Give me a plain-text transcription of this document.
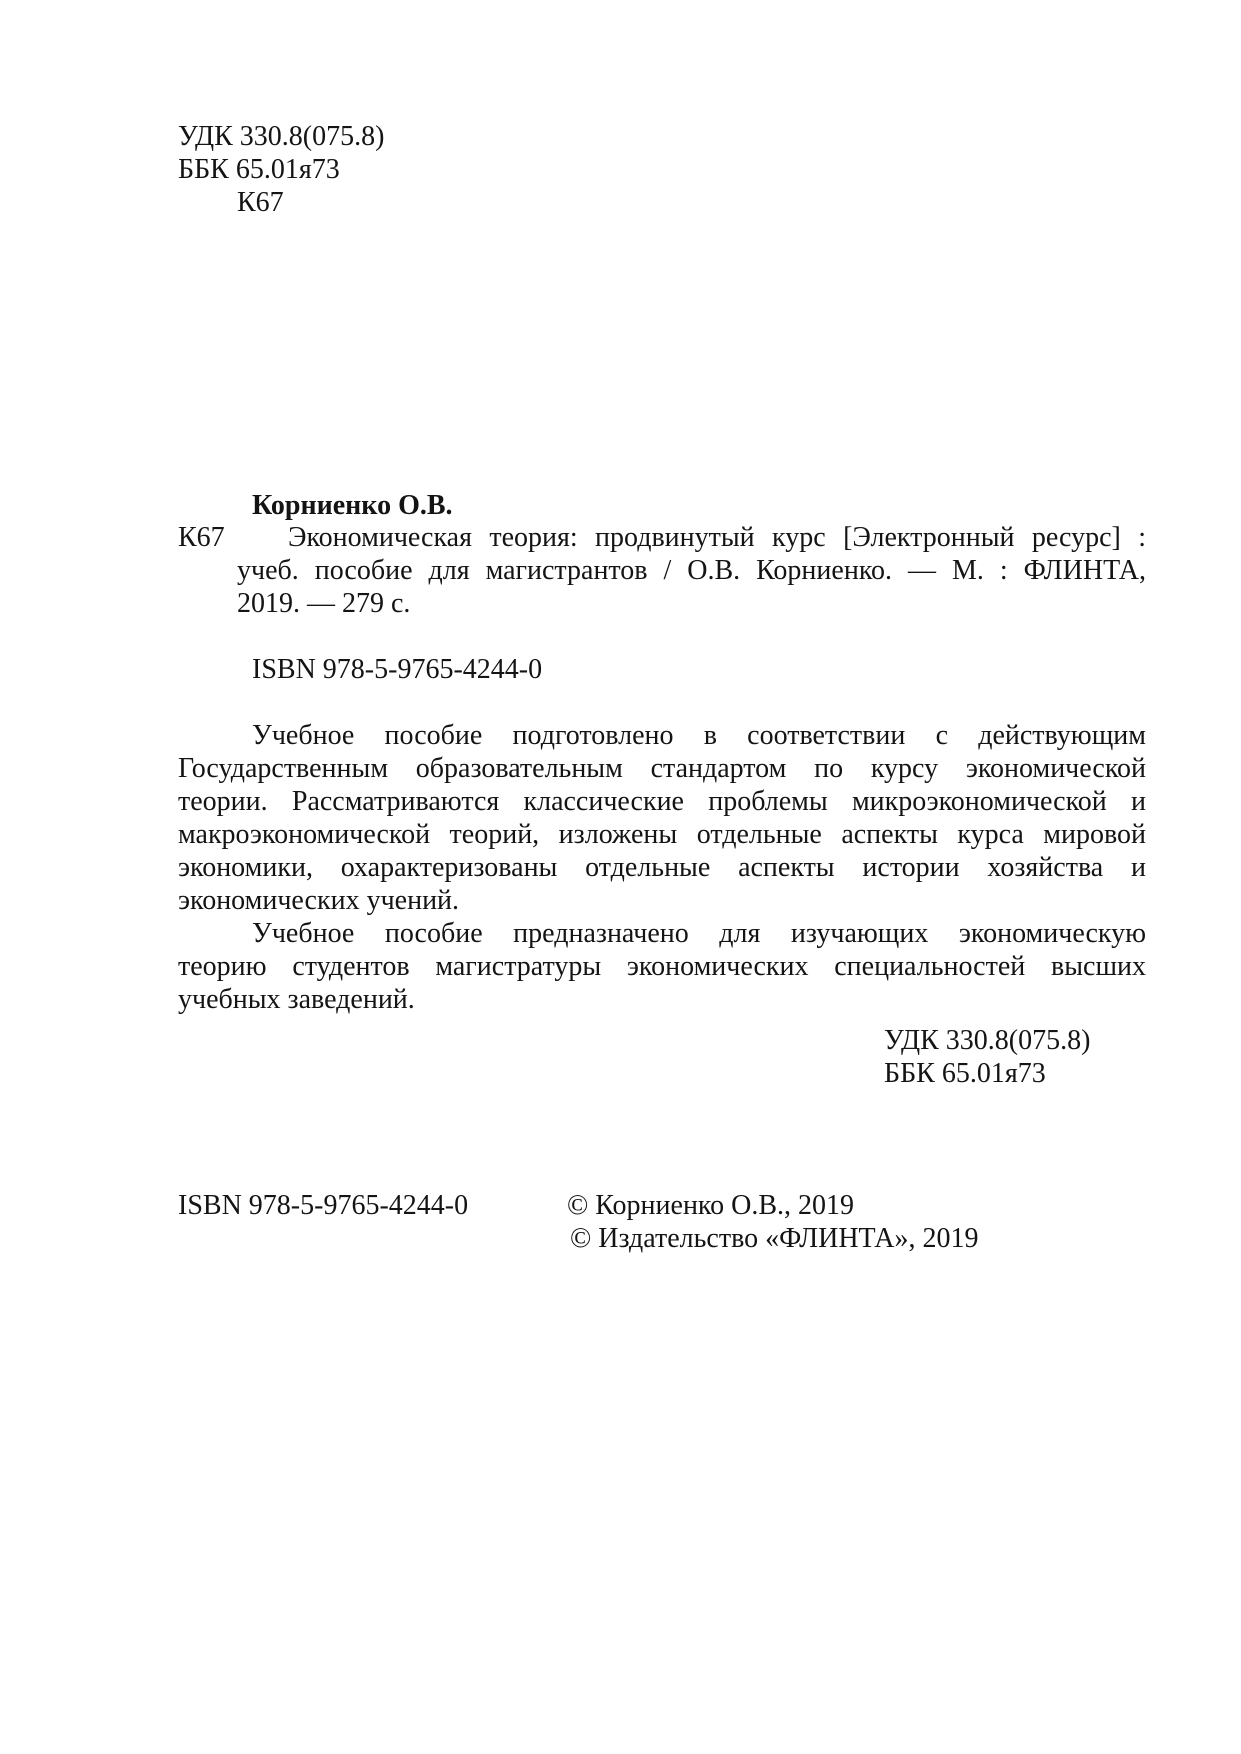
УДК 330.8(075.8)
ББК 65.01я73
К67
Корниенко О.В.
К67 Экономическая теория: продвинутый курс [Электронный ресурс] :
учеб. пособие для магистрантов / О.В. Корниенко. — М. : ФЛИНТА,
2019. — 279 с.
ISBN 978-5-9765-4244-0
Учебное пособие подготовлено в соответствии с действующим
Государственным образовательным стандартом по курсу экономической
теории. Рассматриваются классические проблемы микроэкономической и
макроэкономической теорий, изложены отдельные аспекты курса мировой
экономики, охарактеризованы отдельные аспекты истории хозяйства и
экономических учений.
Учебное пособие предназначено для изучающих экономическую
теорию студентов магистратуры экономических специальностей высших
учебных заведений.
УДК 330.8(075.8)
ББК 65.01я73
ISBN 978-5-9765-4244-0	© Корниенко О.В., 2019
© Издательство «ФЛИНТА», 2019
